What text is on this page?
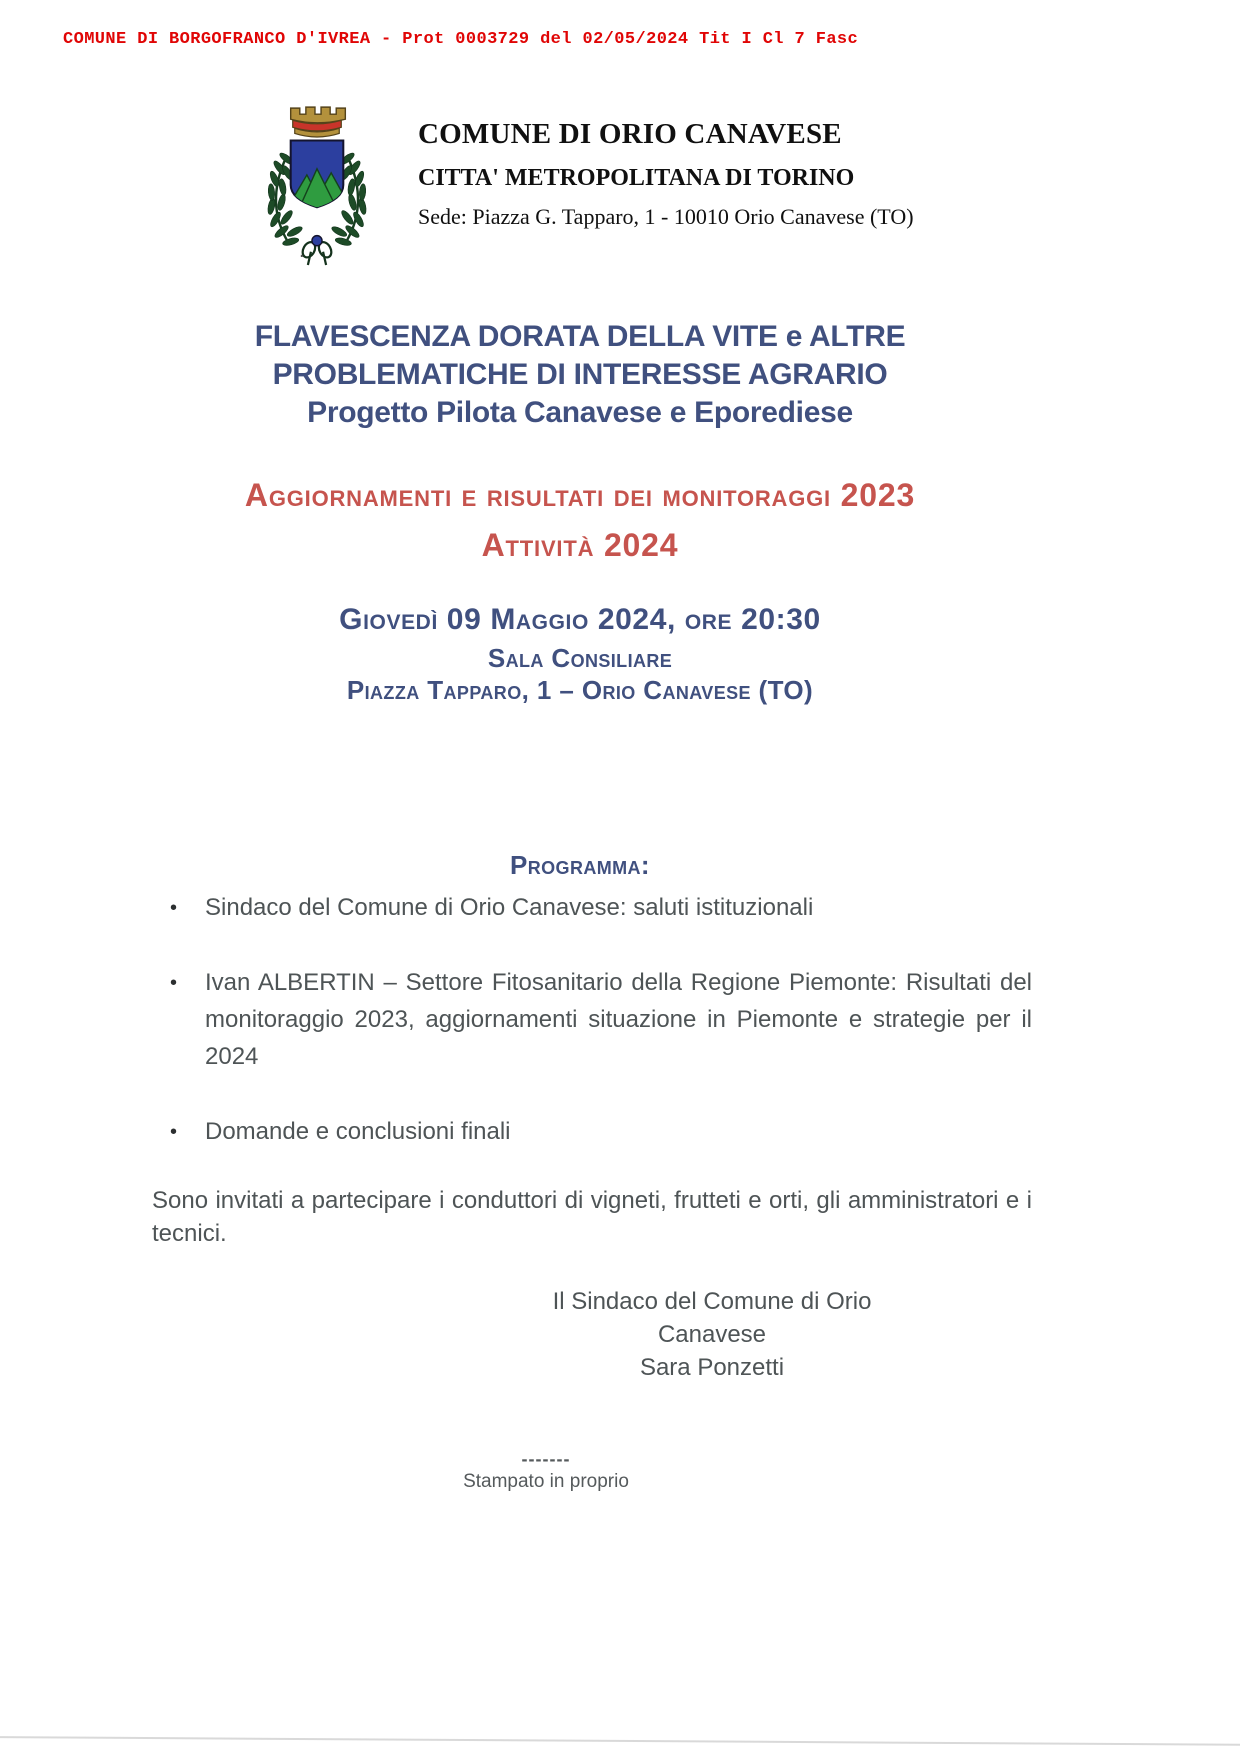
COMUNE DI BORGOFRANCO D'IVREA - Prot 0003729 del 02/05/2024 Tit I Cl 7 Fasc
COMUNE DI ORIO CANAVESE
CITTA' METROPOLITANA DI TORINO
Sede: Piazza G. Tapparo, 1 - 10010 Orio Canavese (TO)
.
FLAVESCENZA DORATA DELLA VITE e ALTRE
PROBLEMATICHE DI INTERESSE AGRARIO
Progetto Pilota Canavese e Eporediese
Aggiornamenti e risultati dei monitoraggi 2023
Attività 2024
Giovedì 09 Maggio 2024, ore 20:30
Sala Consiliare
Piazza Tapparo, 1 – Orio Canavese (TO)
Programma:
• Sindaco del Comune di Orio Canavese: saluti istituzionali
• Ivan ALBERTIN – Settore Fitosanitario della Regione Piemonte: Risultati del monitoraggio 2023, aggiornamenti situazione in Piemonte e strategie per il 2024
• Domande e conclusioni finali

Sono invitati a partecipare i conduttori di vigneti, frutteti e orti, gli amministratori e i tecnici.

Il Sindaco del Comune di Orio Canavese
Sara Ponzetti
-------
Stampato in proprio
